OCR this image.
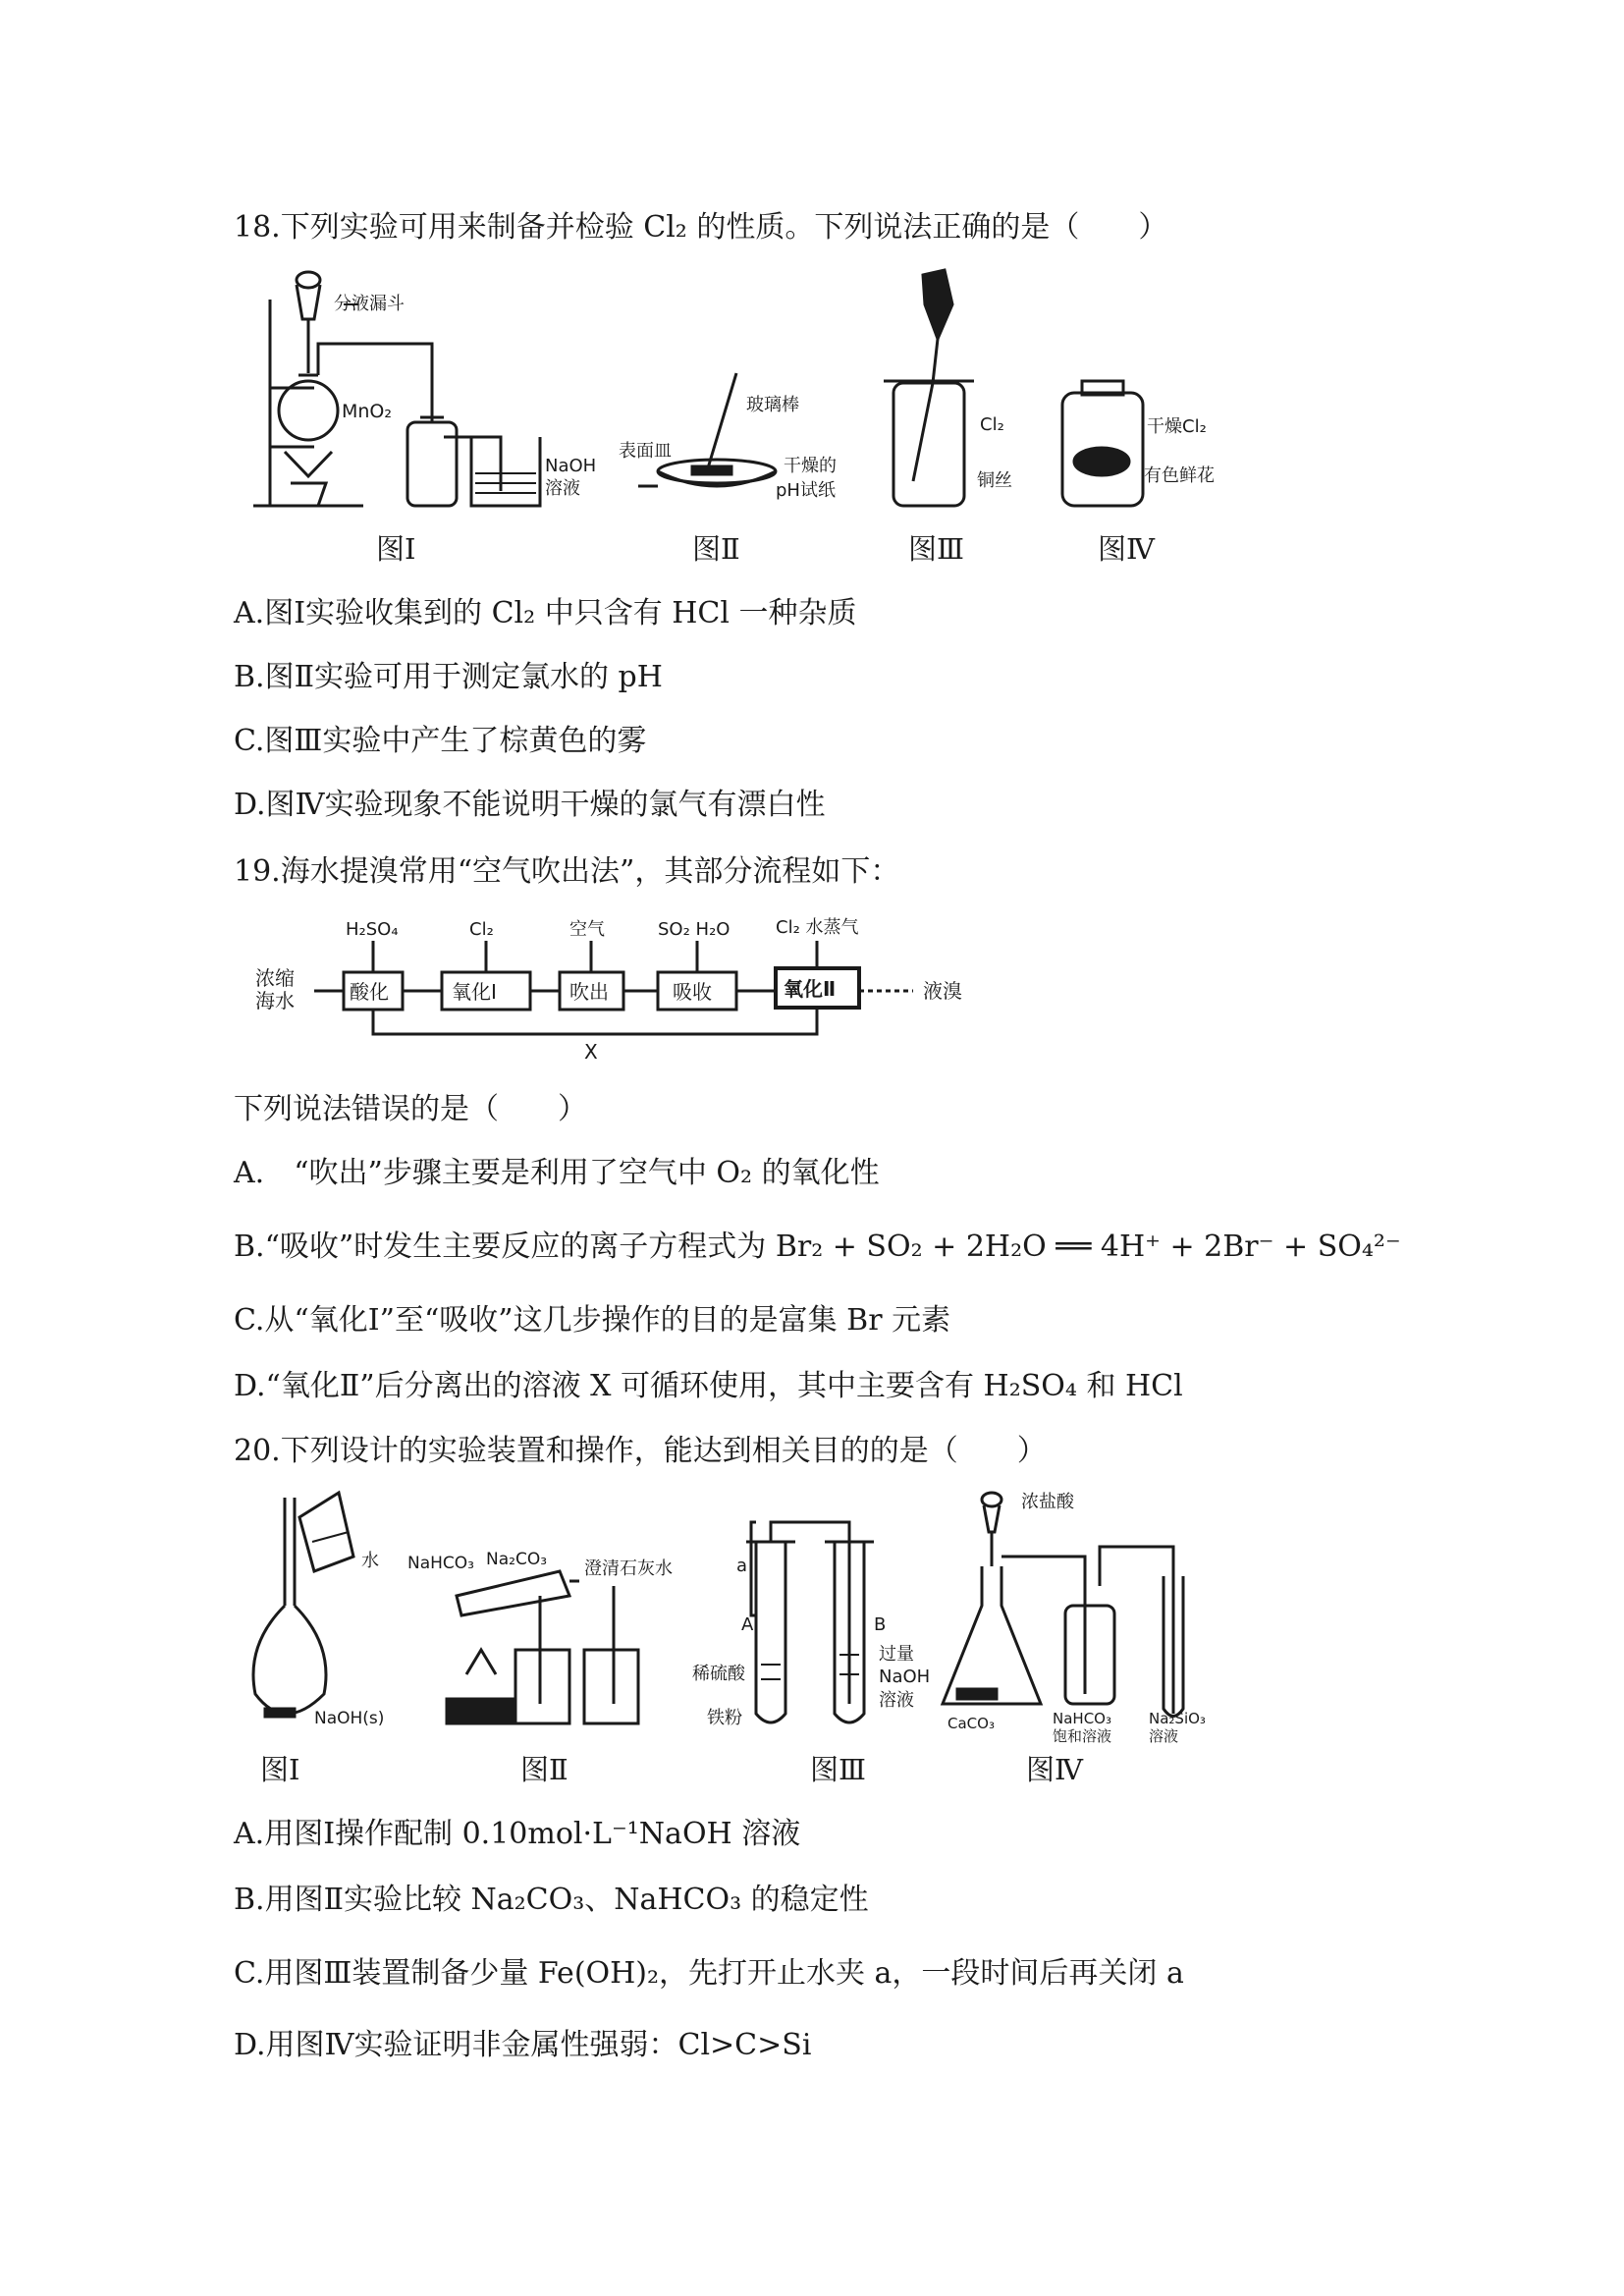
18.下列实验可用来制备并检验 Cl₂ 的性质。下列说法正确的是（　　）
分液漏斗
MnO₂
NaOH
溶液
玻璃棒
表面皿
干燥的
pH试纸
Cl₂
铜丝
干燥Cl₂
有色鲜花
图Ⅰ	图Ⅱ	图Ⅲ	图Ⅳ
A.图Ⅰ实验收集到的 Cl₂ 中只含有 HCl 一种杂质
B.图Ⅱ实验可用于测定氯水的 pH
C.图Ⅲ实验中产生了棕黄色的雾
D.图Ⅳ实验现象不能说明干燥的氯气有漂白性
19.海水提溴常用“空气吹出法”，其部分流程如下：
浓缩
海水	酸化	氧化Ⅰ	吹出	吸收	氧化Ⅱ
H₂SO₄	Cl₂	空气	SO₂ H₂O	Cl₂ 水蒸气
液溴
X
下列说法错误的是（　　）
A.　“吹出”步骤主要是利用了空气中 O₂ 的氧化性
B.“吸收”时发生主要反应的离子方程式为 Br₂ + SO₂ + 2H₂O ══ 4H⁺ + 2Br⁻ + SO₄²⁻
C.从“氧化Ⅰ”至“吸收”这几步操作的目的是富集 Br 元素
D.“氧化Ⅱ”后分离出的溶液 X 可循环使用，其中主要含有 H₂SO₄ 和 HCl
20.下列设计的实验装置和操作，能达到相关目的的是（　　）
水
NaOH(s)
NaHCO₃ Na₂CO₃ 澄清石灰水	a
A	B
稀硫酸
铁粉
过量
NaOH
溶液
浓盐酸
CaCO₃	NaHCO₃
饱和溶液
Na₂SiO₃
溶液
图Ⅰ	图Ⅱ	图Ⅲ	图Ⅳ
A.用图Ⅰ操作配制 0.10mol·L⁻¹NaOH 溶液
B.用图Ⅱ实验比较 Na₂CO₃、NaHCO₃ 的稳定性
C.用图Ⅲ装置制备少量 Fe(OH)₂，先打开止水夹 a，一段时间后再关闭 a
D.用图Ⅳ实验证明非金属性强弱：Cl>C>Si
